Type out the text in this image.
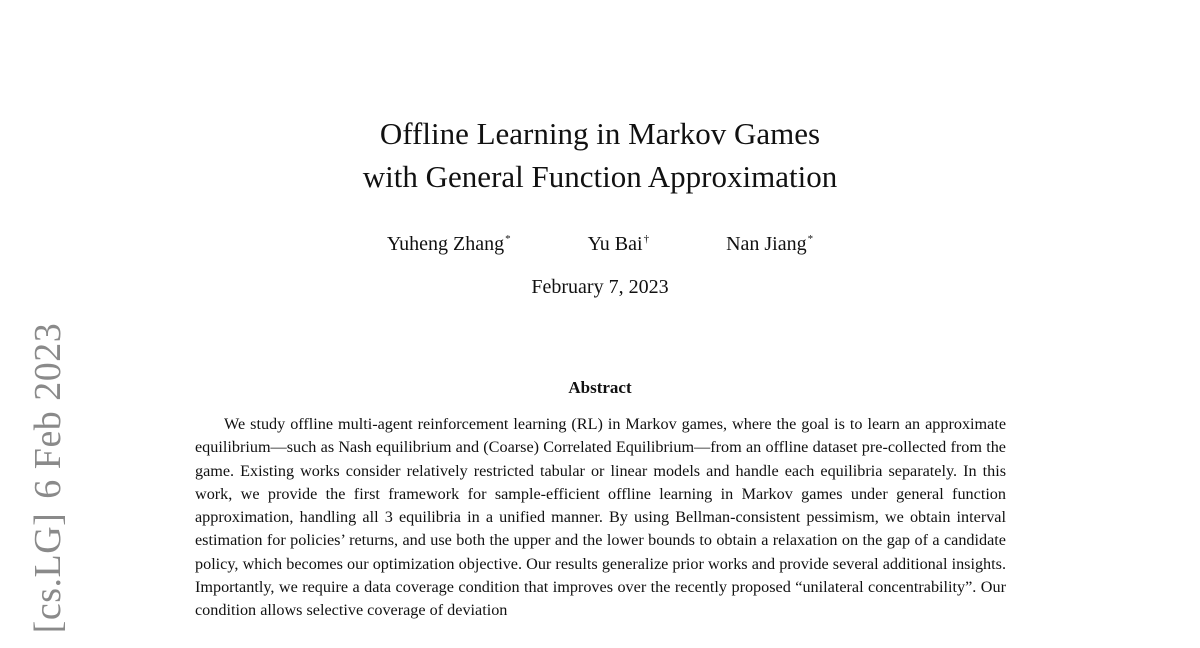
[cs.LG]6 Feb 2023
Offline Learning in Markov Games
with General Function Approximation
Yuheng Zhang*	Yu Bai†	Nan Jiang*
February 7, 2023
Abstract

We study offline multi-agent reinforcement learning (RL) in Markov games, where the goal is to learn an approximate equilibrium—such as Nash equilibrium and (Coarse) Correlated Equilibrium—from an offline dataset pre-collected from the game. Existing works consider relatively restricted tabular or linear models and handle each equilibria separately. In this work, we provide the first framework for sample-efficient offline learning in Markov games under general function approximation, handling all 3 equilibria in a unified manner. By using Bellman-consistent pessimism, we obtain interval estimation for policies’ returns, and use both the upper and the lower bounds to obtain a relaxation on the gap of a candidate policy, which becomes our optimization objective. Our results generalize prior works and provide several additional insights. Importantly, we require a data coverage condition that improves over the recently proposed “unilateral concentrability”. Our condition allows selective coverage of deviation
